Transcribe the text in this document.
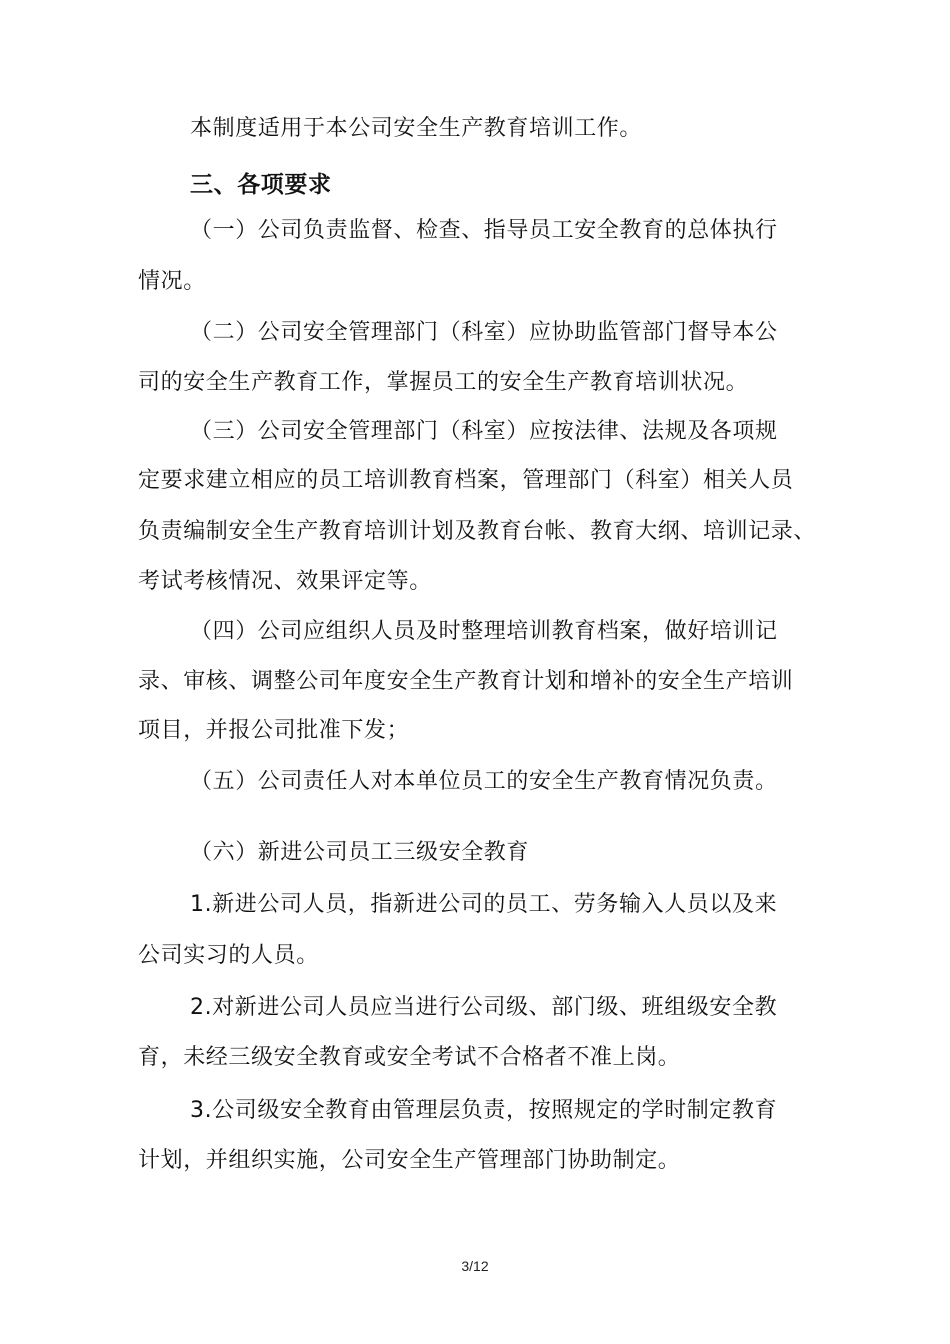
本制度适用于本公司安全生产教育培训工作。
三、各项要求
（一）公司负责监督、检查、指导员工安全教育的总体执行
情况。
（二）公司安全管理部门（科室）应协助监管部门督导本公
司的安全生产教育工作，掌握员工的安全生产教育培训状况。
（三）公司安全管理部门（科室）应按法律、法规及各项规
定要求建立相应的员工培训教育档案，管理部门（科室）相关人员
负责编制安全生产教育培训计划及教育台帐、教育大纲、培训记录、
考试考核情况、效果评定等。
（四）公司应组织人员及时整理培训教育档案，做好培训记
录、审核、调整公司年度安全生产教育计划和增补的安全生产培训
项目，并报公司批准下发；
（五）公司责任人对本单位员工的安全生产教育情况负责。
（六）新进公司员工三级安全教育
1.新进公司人员，指新进公司的员工、劳务输入人员以及来
公司实习的人员。
2.对新进公司人员应当进行公司级、部门级、班组级安全教
育，未经三级安全教育或安全考试不合格者不准上岗。
3.公司级安全教育由管理层负责，按照规定的学时制定教育
计划，并组织实施，公司安全生产管理部门协助制定。
3/12
